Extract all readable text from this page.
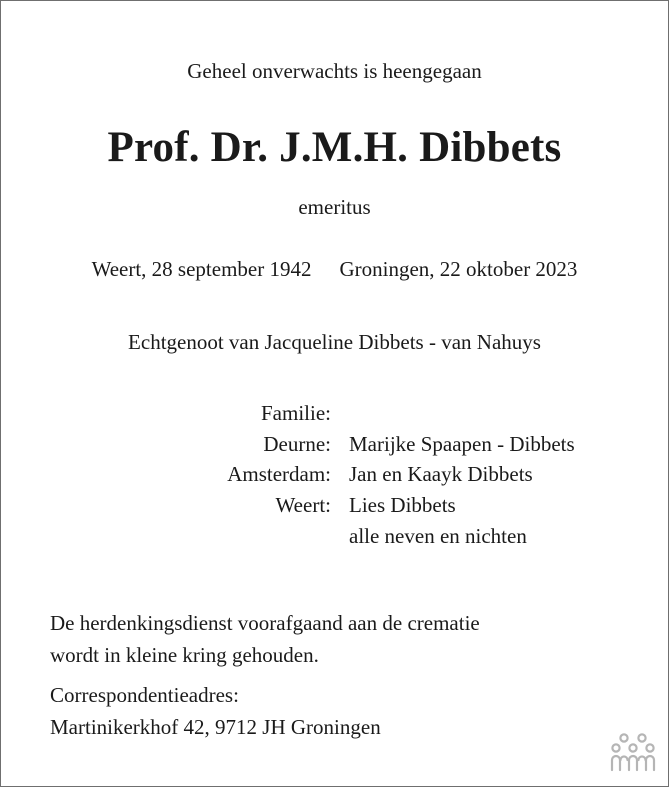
Geheel onverwachts is heengegaan
Prof. Dr. J.M.H. Dibbets
emeritus
Weert, 28 september 1942 Groningen, 22 oktober 2023
Echtgenoot van Jacqueline Dibbets - van Nahuys
Familie:
Deurne: Marijke Spaapen - Dibbets
Amsterdam: Jan en Kaayk Dibbets
Weert: Lies Dibbets
alle neven en nichten
De herdenkingsdienst voorafgaand aan de crematie
wordt in kleine kring gehouden.
Correspondentieadres:
Martinikerkhof 42, 9712 JH Groningen
